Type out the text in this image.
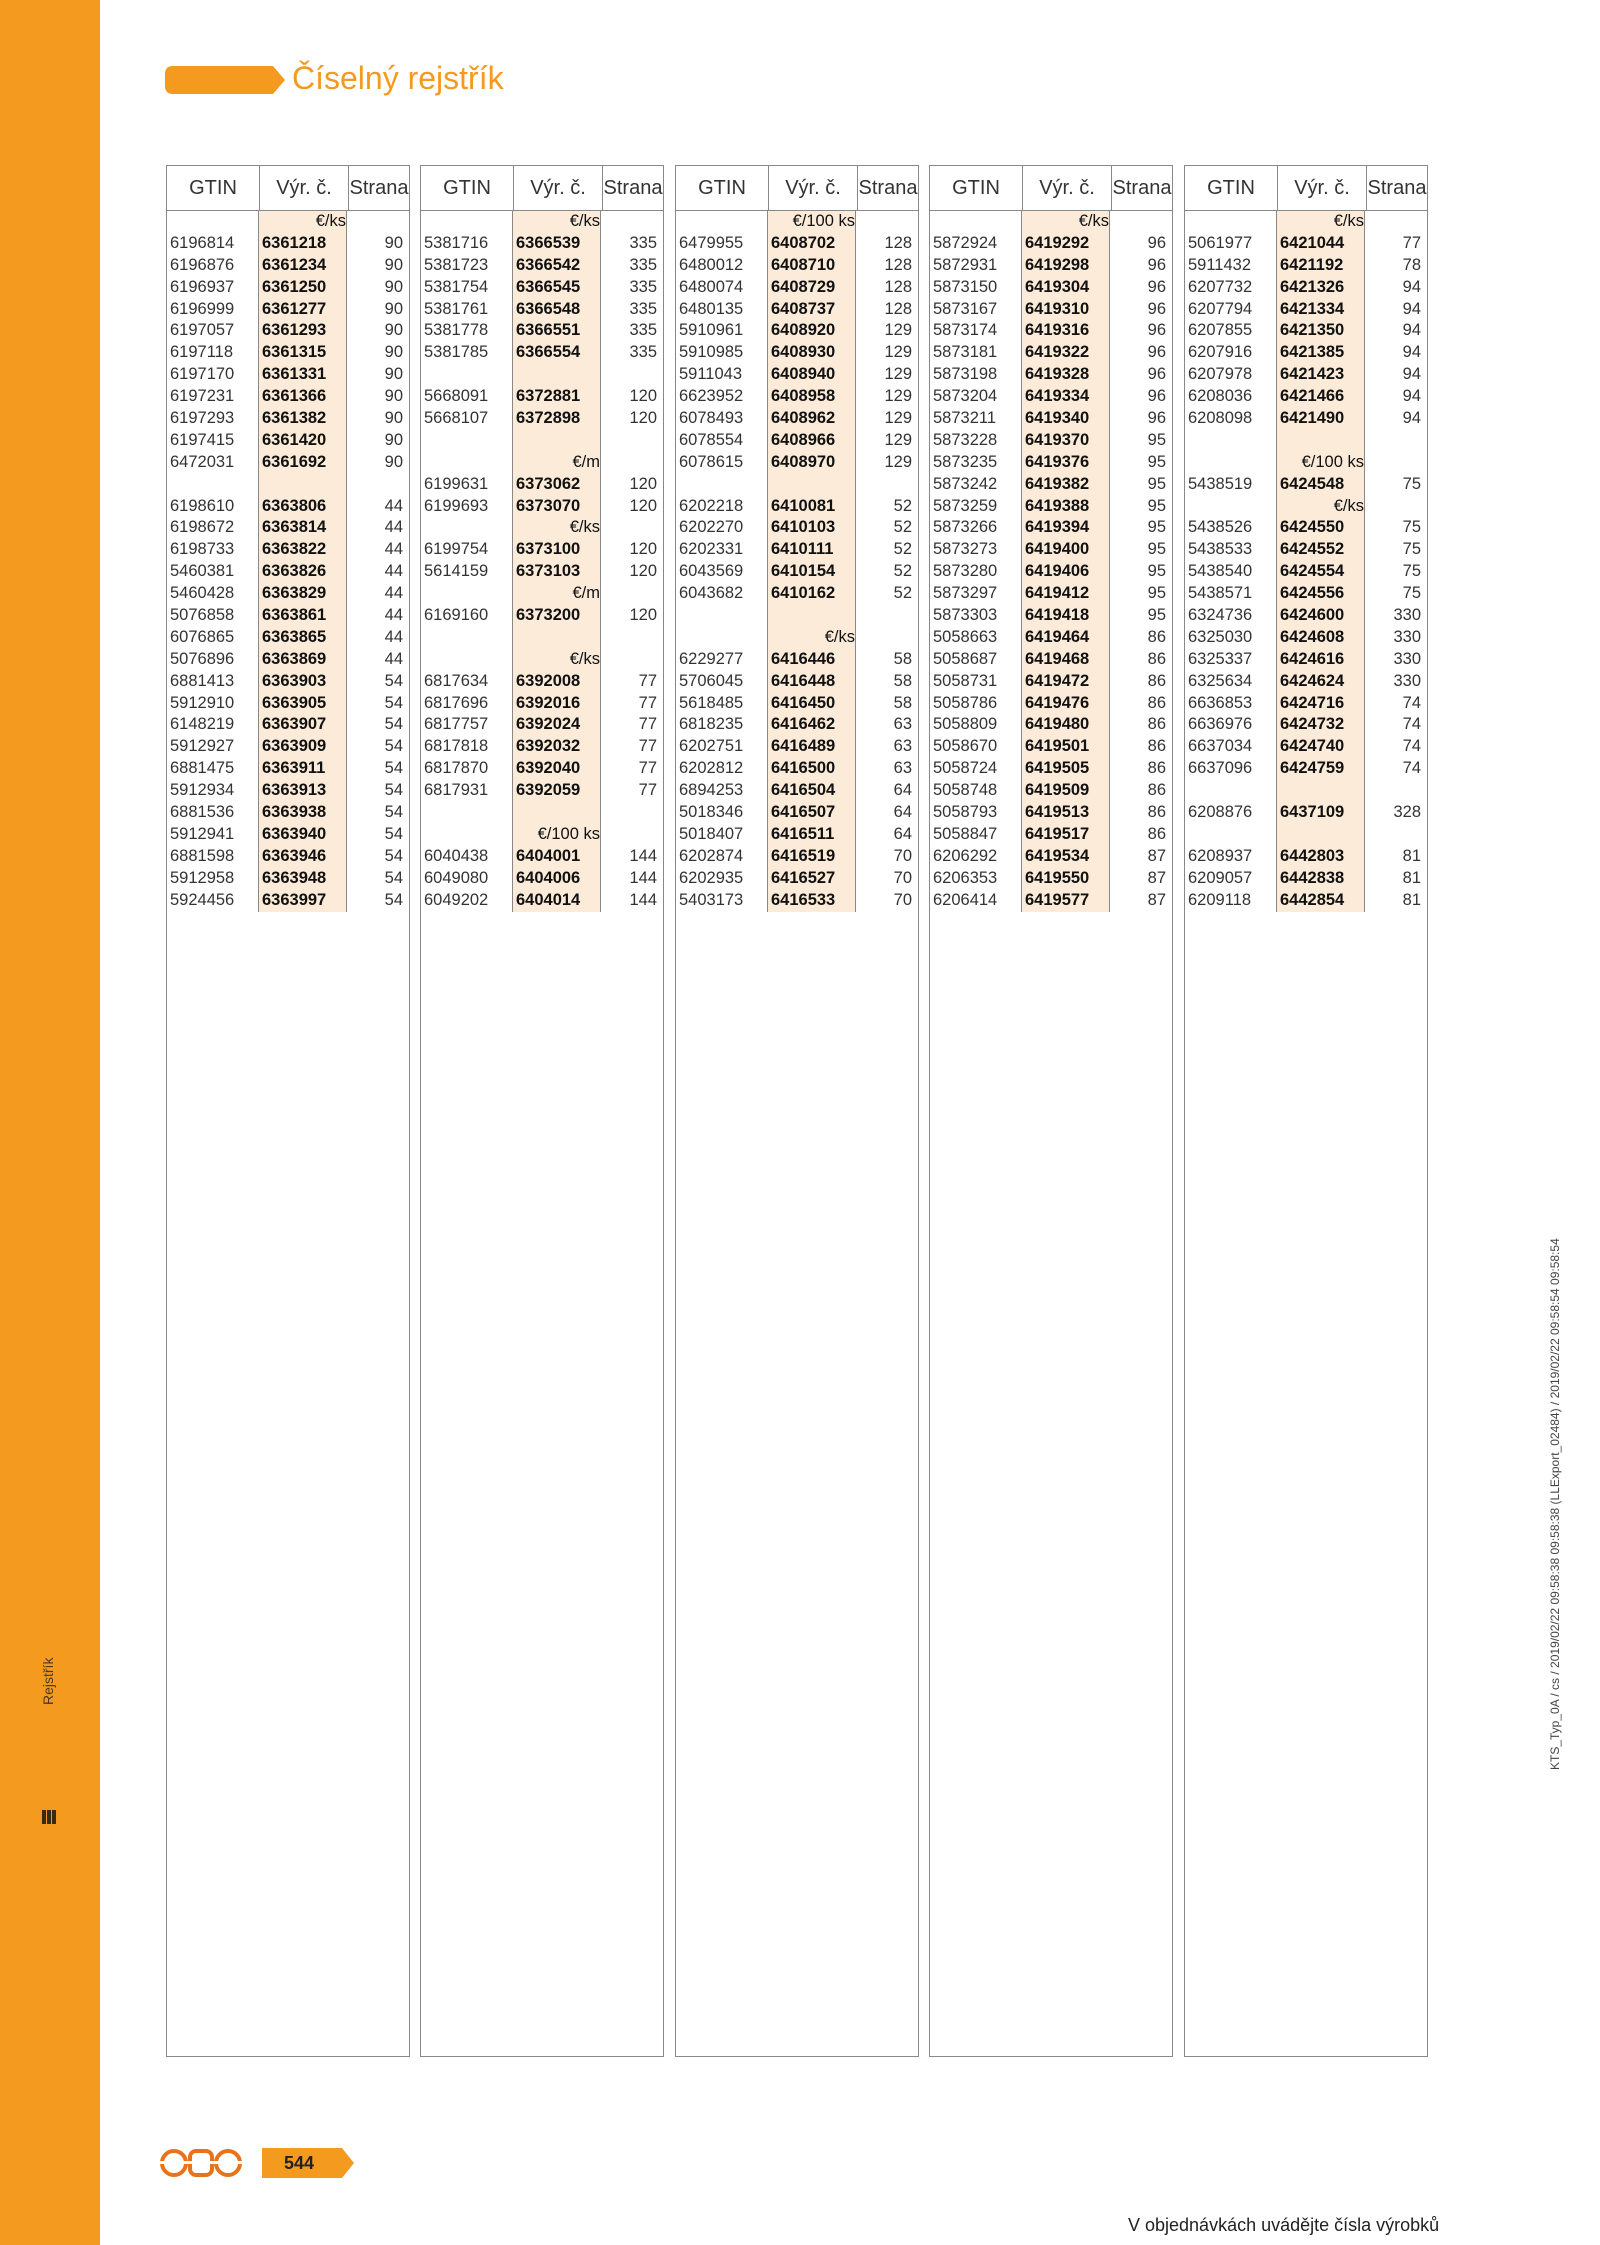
Rejstřík
Číselný rejstřík
KTS_Typ_0A / cs / 2019/02/22 09:58:38 09:58:38 (LLExport_02484) / 2019/02/22 09:58:54 09:58:54
GTIN	Výr. č. Strana
€/ks
6196814	6361218	90
6196876	6361234	90
6196937	6361250	90
6196999	6361277	90
6197057	6361293	90
6197118	6361315	90
6197170	6361331	90
6197231	6361366	90
6197293	6361382	90
6197415	6361420	90
6472031	6361692	90
6198610	6363806	44
6198672	6363814	44
6198733	6363822	44
5460381	6363826	44
5460428	6363829	44
5076858	6363861	44
6076865	6363865	44
5076896	6363869	44
6881413	6363903	54
5912910	6363905	54
6148219	6363907	54
5912927	6363909	54
6881475	6363911	54
5912934	6363913	54
6881536	6363938	54
5912941	6363940	54
6881598	6363946	54
5912958	6363948	54
5924456	6363997	54
GTIN	Výr. č. Strana
€/ks
5381716	6366539	335
5381723	6366542	335
5381754	6366545	335
5381761	6366548	335
5381778	6366551	335
5381785	6366554	335
5668091	6372881	120
5668107	6372898	120
€/m
6199631	6373062	120
6199693	6373070	120
€/ks
6199754	6373100	120
5614159	6373103	120
€/m
6169160	6373200	120
€/ks
6817634	6392008	77
6817696	6392016	77
6817757	6392024	77
6817818	6392032	77
6817870	6392040	77
6817931	6392059	77
€/100 ks
6040438	6404001	144
6049080	6404006	144
6049202	6404014	144
GTIN	Výr. č. Strana
€/100 ks
6479955	6408702	128
6480012	6408710	128
6480074	6408729	128
6480135	6408737	128
5910961	6408920	129
5910985	6408930	129
5911043	6408940	129
6623952	6408958	129
6078493	6408962	129
6078554	6408966	129
6078615	6408970	129
6202218	6410081	52
6202270	6410103	52
6202331	6410111	52
6043569	6410154	52
6043682	6410162	52
€/ks
6229277	6416446	58
5706045	6416448	58
5618485	6416450	58
6818235	6416462	63
6202751	6416489	63
6202812	6416500	63
6894253	6416504	64
5018346	6416507	64
5018407	6416511	64
6202874	6416519	70
6202935	6416527	70
5403173	6416533	70
GTIN	Výr. č. Strana
€/ks
5872924	6419292	96
5872931	6419298	96
5873150	6419304	96
5873167	6419310	96
5873174	6419316	96
5873181	6419322	96
5873198	6419328	96
5873204	6419334	96
5873211	6419340	96
5873228	6419370	95
5873235	6419376	95
5873242	6419382	95
5873259	6419388	95
5873266	6419394	95
5873273	6419400	95
5873280	6419406	95
5873297	6419412	95
5873303	6419418	95
5058663	6419464	86
5058687	6419468	86
5058731	6419472	86
5058786	6419476	86
5058809	6419480	86
5058670	6419501	86
5058724	6419505	86
5058748	6419509	86
5058793	6419513	86
5058847	6419517	86
6206292	6419534	87
6206353	6419550	87
6206414	6419577	87
GTIN	Výr. č. Strana
€/ks
5061977	6421044	77
5911432	6421192	78
6207732	6421326	94
6207794	6421334	94
6207855	6421350	94
6207916	6421385	94
6207978	6421423	94
6208036	6421466	94
6208098	6421490	94
€/100 ks
5438519	6424548	75
€/ks
5438526	6424550	75
5438533	6424552	75
5438540	6424554	75
5438571	6424556	75
6324736	6424600	330
6325030	6424608	330
6325337	6424616	330
6325634	6424624	330
6636853	6424716	74
6636976	6424732	74
6637034	6424740	74
6637096	6424759	74
6208876	6437109	328
6208937	6442803	81
6209057	6442838	81
6209118	6442854	81
544
V objednávkách uvádějte čísla výrobků
